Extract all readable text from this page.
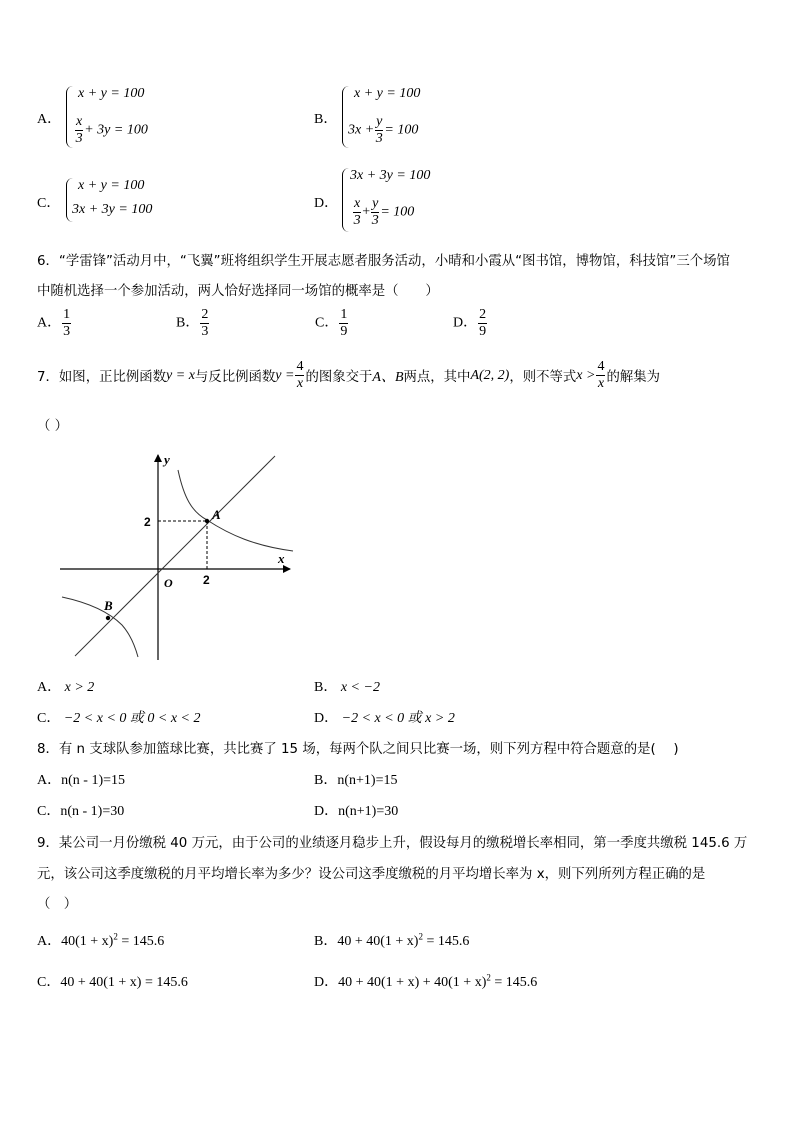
A．
x + y = 100
$\frac{x}{3} + 3y = 100$
B．
x + y = 100
$3x + \frac{y}{3} = 100$
C．
x + y = 100
3x + 3y = 100	D．
3x + 3y = 100
$\frac{x}{3} + \frac{y}{3} = 100$
6．“学雷锋”活动月中，“飞翼”班将组织学生开展志愿者服务活动，小晴和小霞从“图书馆，博物馆，科技馆”三个场馆
中随机选择一个参加活动，两人恰好选择同一场馆的概率是（　　）
A． $\frac{1}{3}$	B． $\frac{2}{3}$	C． $\frac{1}{9}$	D． $\frac{2}{9}$
7．如图，正比例函数 y = x 与反比例函数 $y = \frac{4}{x}$ 的图象交于 A、B 两点，其中 A(2, 2) ，则不等式 $x > \frac{4}{x}$ 的解集为
（ ）
y
x
O
2
2
A
B
A． x > 2	B． x < −2
C． −2 < x < 0 或 0 < x < 2	D． −2 < x < 0 或 x > 2
8．有 n 支球队参加篮球比赛，共比赛了 15 场，每两个队之间只比赛一场，则下列方程中符合题意的是(　 )
A．n(n - 1)=15	B．n(n+1)=15
C．n(n - 1)=30	D．n(n+1)=30
9．某公司一月份缴税 40 万元，由于公司的业绩逐月稳步上升，假设每月的缴税增长率相同，第一季度共缴税 145.6 万
元，该公司这季度缴税的月平均增长率为多少？设公司这季度缴税的月平均增长率为 x，则下列所列方程正确的是
（　）
A．$40(1 + x)^2 = 145.6$	B．$40 + 40(1 + x)^2 = 145.6$
C．40 + 40(1 + x) = 145.6	D．$40 + 40(1 + x) + 40(1 + x)^2 = 145.6$
